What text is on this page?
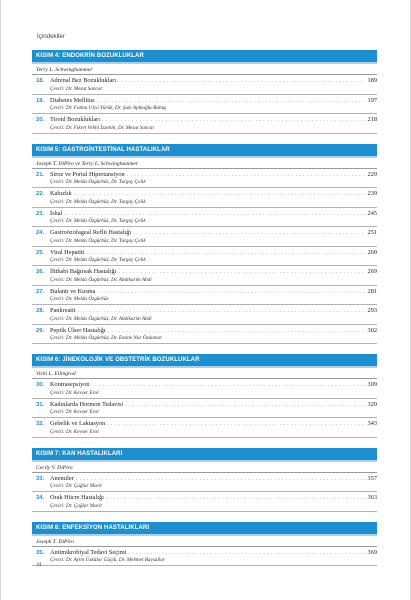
İçindekiler
KISIM 4: ENDOKRİN BOZUKLUKLAR
Terry L. Schwinghammer
18. Adrenal Bez Bozuklukları . . .	189
Çeviri: Dr. Mesut Sancar
19. Diabetes Mellitus . . .	197
Çeviri: Dr. Fatma Ulya Yürük, Dr. Şule Apikoğlu-Rabuş
20. Tiroid Bozuklukları . . .	218
Çeviri: Dr. Fikret Vehbi İzzettin, Dr. Mesut Sancar
KISIM 5: GASTROİNTESTİNAL HASTALIKLAR
Joseph T. DiPiro ve Terry L. Schwinghammer
21. Siroz ve Portal Hipertansiyon . . .	229
Çeviri: Dr. Melda Özgürbüz, Dr. Turgay Çelik
22. Kabızlık . . .	239
Çeviri: Dr. Melda Özgürbüz, Dr. Turgay Çelik
23. İshal . . .	245
Çeviri: Dr. Melda Özgürbüz, Dr. Turgay Çelik
24. Gastroözofageal Reflü Hastalığı . . .	251
Çeviri: Dr. Melda Özgürbüz, Dr. Turgay Çelik
25. Viral Hepatiti . . .	260
Çeviri: Dr. Melda Özgürbüz, Dr. Turgay Çelik
26. İltihabi Bağırsak Hastalığı . . .	269
Çeviri: Dr. Melda Özgürbüz, Dr. Abdikarim Abdi
27. Bulantı ve Kusma . . .	281
Çeviri: Dr. Melda Özgürbüz
28. Pankreatit . . .	293
Çeviri: Dr. Melda Özgürbüz, Dr. Abdikarim Abdi
29. Peptik Ülser Hastalığı . . .	302
Çeviri: Dr. Melda Özgürbüz, Dr. Emine Nur Özdamar
KISIM 6: JİNEKOLOJİK VE OBSTETRİK BOZUKLUKLAR
Vicki L. Ellingrod
30. Kontrasepsiyon . . .	309
Çeviri: Dr. Kevser Erol
31. Kadınlarda Hormon Tedavisi . . .	329
Çeviri: Dr. Kevser Erol
32. Gebelik ve Laktasyon . . .	343
Çeviri: Dr. Kevser Erol
KISIM 7: KAN HASTALIKLARI
Cecily V. DiPiro
33. Anemiler . . .	357
Çeviri: Dr. Çağlar Macit
34. Orak Hücre Hastalığı . . .	363
Çeviri: Dr. Çağlar Macit
KISIM 8: ENFEKSİYON HASTALIKLARI
Joseph T. DiPiro
35. Antimikrobiyal Tedavi Seçimi . . .	369
Çeviri: Dr. Aylin Üskülar Güçlü, Dr. Mehmet Baysallar
vi
